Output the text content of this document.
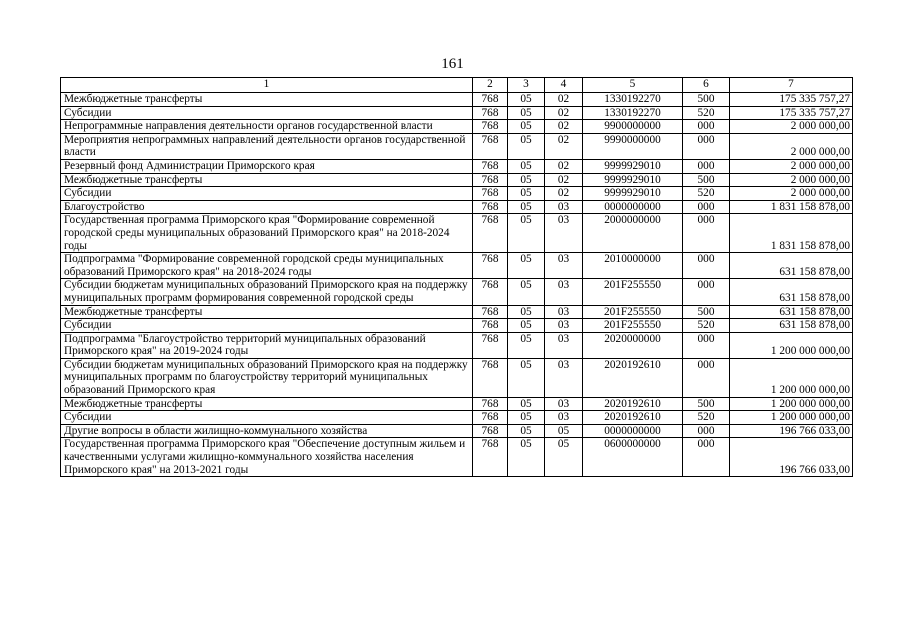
161
1	2	3	4	5	6	7
Межбюджетные трансферты	768	05	02	1330192270	500	175 335 757,27
Субсидии	768	05	02	1330192270	520	175 335 757,27
Непрограммные направления деятельности органов государственной власти	768	05	02	9900000000	000	2 000 000,00
Мероприятия непрограммных направлений деятельности органов государственной власти	768	05	02	9990000000	000	2 000 000,00
Резервный фонд Администрации Приморского края	768	05	02	9999929010	000	2 000 000,00
Межбюджетные трансферты	768	05	02	9999929010	500	2 000 000,00
Субсидии	768	05	02	9999929010	520	2 000 000,00
Благоустройство	768	05	03	0000000000	000	1 831 158 878,00
Государственная программа Приморского края "Формирование современной городской среды муниципальных образований Приморского края" на 2018-2024 годы	768	05	03	2000000000	000	1 831 158 878,00
Подпрограмма "Формирование современной городской среды муниципальных образований Приморского края" на 2018-2024 годы	768	05	03	2010000000	000	631 158 878,00
Субсидии бюджетам муниципальных образований Приморского края на поддержку муниципальных программ формирования современной городской среды	768	05	03	201F255550	000	631 158 878,00
Межбюджетные трансферты	768	05	03	201F255550	500	631 158 878,00
Субсидии	768	05	03	201F255550	520	631 158 878,00
Подпрограмма "Благоустройство территорий муниципальных образований Приморского края" на 2019-2024 годы	768	05	03	2020000000	000	1 200 000 000,00
Субсидии бюджетам муниципальных образований Приморского края на поддержку муниципальных программ по благоустройству территорий муниципальных образований Приморского края	768	05	03	2020192610	000	1 200 000 000,00
Межбюджетные трансферты	768	05	03	2020192610	500	1 200 000 000,00
Субсидии	768	05	03	2020192610	520	1 200 000 000,00
Другие вопросы в области жилищно-коммунального хозяйства	768	05	05	0000000000	000	196 766 033,00
Государственная программа Приморского края "Обеспечение доступным жильем и качественными услугами жилищно-коммунального хозяйства населения Приморского края" на 2013-2021 годы	768	05	05	0600000000	000	196 766 033,00
